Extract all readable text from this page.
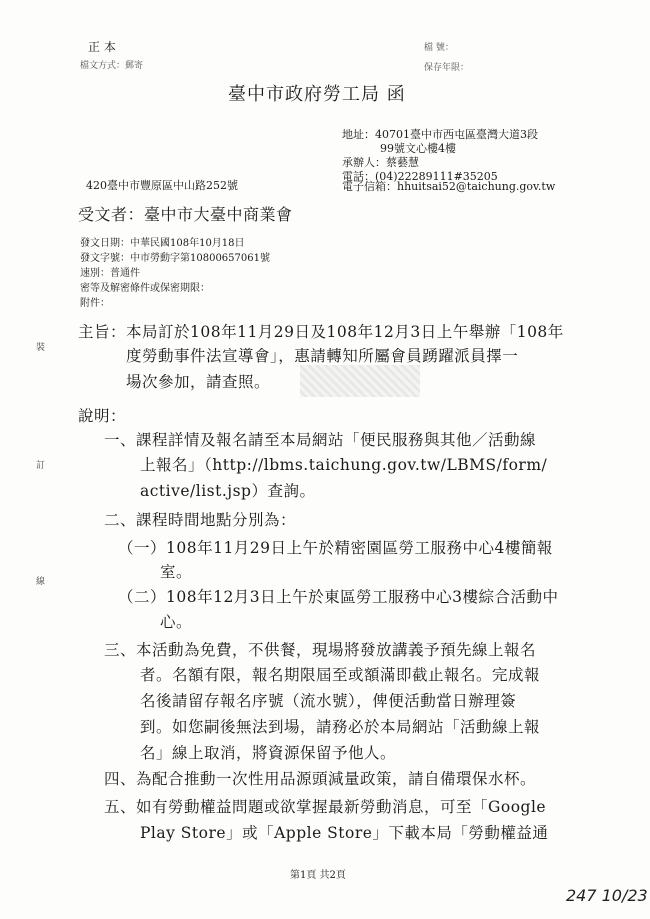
正 本
檔文方式：郵寄
檔 號：
保存年限：
臺中市政府勞工局 函
地址：40701臺中市西屯區臺灣大道3段
99號文心樓4樓
承辦人：蔡藝慧
電話：(04)22289111#35205
電子信箱：hhuitsai52@taichung.gov.tw
420臺中市豐原區中山路252號
受文者：臺中市大臺中商業會
發文日期：中華民國108年10月18日
發文字號：中市勞動字第10800657061號
速別：普通件
密等及解密條件或保密期限：
附件：
裝
訂
線
主旨：本局訂於108年11月29日及108年12月3日上午舉辦「108年
度勞動事件法宣導會」，惠請轉知所屬會員踴躍派員擇一
場次參加，請查照。
說明：
一、課程詳情及報名請至本局網站「便民服務與其他／活動線
上報名」（http://lbms.taichung.gov.tw/LBMS/form/
active/list.jsp）查詢。
二、課程時間地點分別為：
（一）108年11月29日上午於精密園區勞工服務中心4樓簡報
室。
（二）108年12月3日上午於東區勞工服務中心3樓綜合活動中
心。
三、本活動為免費，不供餐，現場將發放講義予預先線上報名
者。名額有限，報名期限屆至或額滿即截止報名。完成報
名後請留存報名序號（流水號），俾便活動當日辦理簽
到。如您嗣後無法到場，請務必於本局網站「活動線上報
名」線上取消，將資源保留予他人。
四、為配合推動一次性用品源頭減量政策，請自備環保水杯。
五、如有勞動權益問題或欲掌握最新勞動消息，可至「Google
Play Store」或「Apple Store」下載本局「勞動權益通
第1頁 共2頁
247 10/23
